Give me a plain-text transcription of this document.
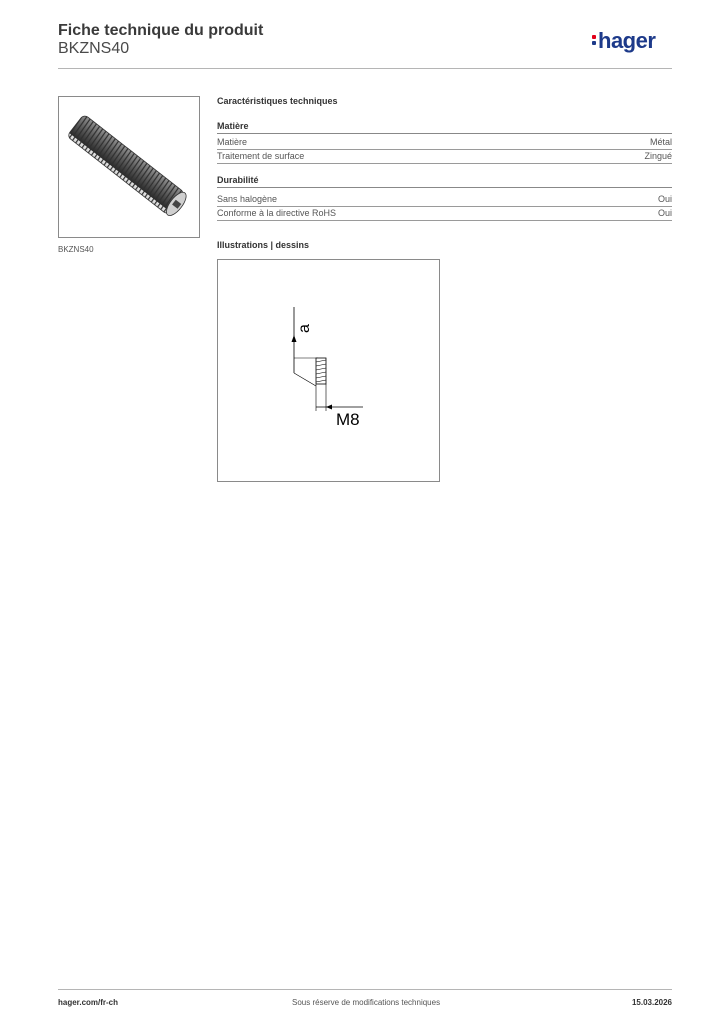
Fiche technique du produit
BKZNS40	hager
BKZNS40
Caractéristiques techniques
Matière
Matière	Métal
Traitement de surface	Zingué
Durabilité
Sans halogène	Oui
Conforme à la directive RoHS	Oui
Illustrations | dessins
a
M8
hager.com/fr-ch	Sous réserve de modifications techniques	15.03.2026
